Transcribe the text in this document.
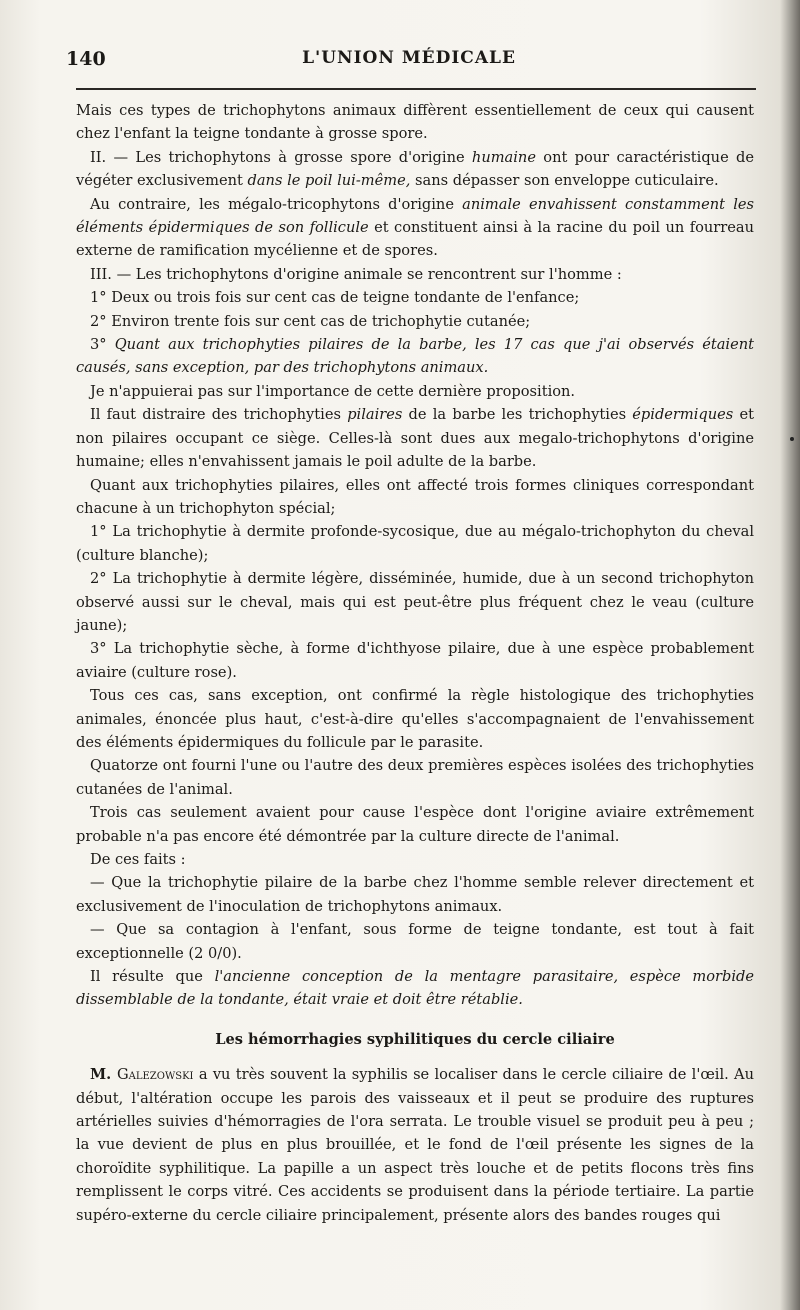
140	L'UNION MÉDICALE

Mais ces types de trichophytons animaux diffèrent essentiellement de ceux qui causent chez l'enfant la teigne tondante à grosse spore.

II. — Les trichophytons à grosse spore d'origine humaine ont pour caractéristique de végéter exclusivement dans le poil lui-même, sans dépasser son enveloppe cuticulaire.

Au contraire, les mégalo-tricophytons d'origine animale envahissent constamment les éléments épidermiques de son follicule et constituent ainsi à la racine du poil un fourreau externe de ramification mycélienne et de spores.

III. — Les trichophytons d'origine animale se rencontrent sur l'homme :

1° Deux ou trois fois sur cent cas de teigne tondante de l'enfance;

2° Environ trente fois sur cent cas de trichophytie cutanée;

3° Quant aux trichophyties pilaires de la barbe, les 17 cas que j'ai observés étaient causés, sans exception, par des trichophytons animaux.

Je n'appuierai pas sur l'importance de cette dernière proposition.

Il faut distraire des trichophyties pilaires de la barbe les trichophyties épidermiques et non pilaires occupant ce siège. Celles-là sont dues aux megalo-trichophytons d'origine humaine; elles n'envahissent jamais le poil adulte de la barbe.

Quant aux trichophyties pilaires, elles ont affecté trois formes cliniques correspondant chacune à un trichophyton spécial;

1° La trichophytie à dermite profonde-sycosique, due au mégalo-trichophyton du cheval (culture blanche);

2° La trichophytie à dermite légère, disséminée, humide, due à un second trichophyton observé aussi sur le cheval, mais qui est peut-être plus fréquent chez le veau (culture jaune);

3° La trichophytie sèche, à forme d'ichthyose pilaire, due à une espèce probablement aviaire (culture rose).

Tous ces cas, sans exception, ont confirmé la règle histologique des trichophyties animales, énoncée plus haut, c'est-à-dire qu'elles s'accompagnaient de l'envahissement des éléments épidermiques du follicule par le parasite.

Quatorze ont fourni l'une ou l'autre des deux premières espèces isolées des trichophyties cutanées de l'animal.

Trois cas seulement avaient pour cause l'espèce dont l'origine aviaire extrêmement probable n'a pas encore été démontrée par la culture directe de l'animal.

De ces faits :

— Que la trichophytie pilaire de la barbe chez l'homme semble relever directement et exclusivement de l'inoculation de trichophytons animaux.

— Que sa contagion à l'enfant, sous forme de teigne tondante, est tout à fait exceptionnelle (2 0/0).

Il résulte que l'ancienne conception de la mentagre parasitaire, espèce morbide dissemblable de la tondante, était vraie et doit être rétablie.

Les hémorrhagies syphilitiques du cercle ciliaire

M. Galezowski a vu très souvent la syphilis se localiser dans le cercle ciliaire de l'œil. Au début, l'altération occupe les parois des vaisseaux et il peut se produire des ruptures artérielles suivies d'hémorragies de l'ora serrata. Le trouble visuel se produit peu à peu ; la vue devient de plus en plus brouillée, et le fond de l'œil présente les signes de la choroïdite syphilitique. La papille a un aspect très louche et de petits flocons très fins remplissent le corps vitré. Ces accidents se produisent dans la période tertiaire. La partie supéro-externe du cercle ciliaire principalement, présente alors des bandes rouges qui
